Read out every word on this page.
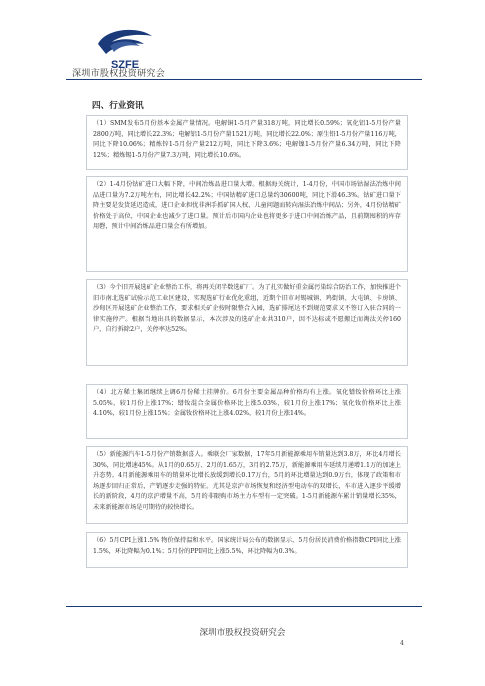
SZFE
深圳市股权投资研究会
四、行业资讯
（1）SMM发布5月份基本金属产量情况。电解铜1-5月产量318万吨，同比增长0.59%；氧化铝1-5月份产量2800万吨，同比增长22.3%；电解铝1-5月份产量1521万吨，同比增长22.0%；原生铅1-5月份产量116万吨，同比下降10.06%；精炼锌1-5月份产量212万吨，同比下降3.6%；电解镍1-5月份产量6.34万吨，同比下降12%；精炼锡1-5月份产量7.3万吨，同比增长10.6%。
（2）1-4月份钴矿进口大幅下降，中间冶炼品进口量大增。根据海关统计，1-4月份，中国市场钴湿法冶炼中间品进口量为7.2万吨左右，同比增长42.2%；中国钴精矿进口总量约30600吨，同比下滑46.3%。钴矿进口量下降主要是发货延迟造成，进口企业担忧非洲手抓矿国人权、儿童问题而转向湿法冶炼中间品；另外，4月份钴精矿价格处于高位，中国企业也减少了进口量。预计后市国内企业也将更多于进口中间冶炼产品，且前期囤积的库存用磬，预计中间冶炼品进口量会有所增加。
（3）今个旧开展选矿企业整治工作，将再关闭半数选矿厂。为了扎实做好重金属污染综合防治工作，加快推进个旧市南北选矿试验示范工业区建设，实现选矿行业优化重组，近期个旧市对锡城镇、鸡街镇、大屯镇、卡房镇、沙甸区开展选矿企业整治工作，要求相关矿企按时限整合入园，选矿排尾达不到规范要求又不签订入驻合同的一律实施停产。根据当地出具的数据显示，本次涉及的选矿企业共310户，因不达标或不愿搬迁而淘汰关停160户，自行拆除2户，关停率达52%。
（4）北方稀土集团继续上调6月份稀土挂牌价。6月份主要金属品种价格均有上涨。氧化镨钕价格环比上涨5.05%，较1月份上涨17%；镨钕混合金属价格环比上涨5.03%，较1月份上涨17%；氧化钕价格环比上涨4.10%，较1月份上涨15%；金属钕价格环比上涨4.02%，较1月份上涨14%。
（5）新能源汽车1-5月份产销数据喜人。乘联会厂家数据，17年5月新能源乘用车销量达到3.8万，环比4月增长30%，同比增速45%。从1月的0.65万、2月的1.65万，3月的2.75万，新能源乘用车延续月递增1.1万的加速上升态势。4月新能源乘用车的销量环比增长放缓到增长0.17万台，5月的环比增量达到0.9万台，体现了政策和市场逐步回归正常后，产销逐步走强的特征。尤其是京沪市场恢复和经济型电动车的双增长，车市进入逐步平缓增长的新阶段，4月的京沪增量不高，5月的非限购市场主力车型有一定突破。1-5月新能源车累计销量增长35%，未来新能源市场是可期待的较快增长。
（6）5月CPI上涨1.5% 物价保持温和水平。国家统计局公布的数据显示，5月份居民消费价格指数CPI同比上涨1.5%，环比降幅为0.1%；5月份的PPI同比上涨5.5%，环比降幅为0.3%。
深圳市股权投资研究会
4
